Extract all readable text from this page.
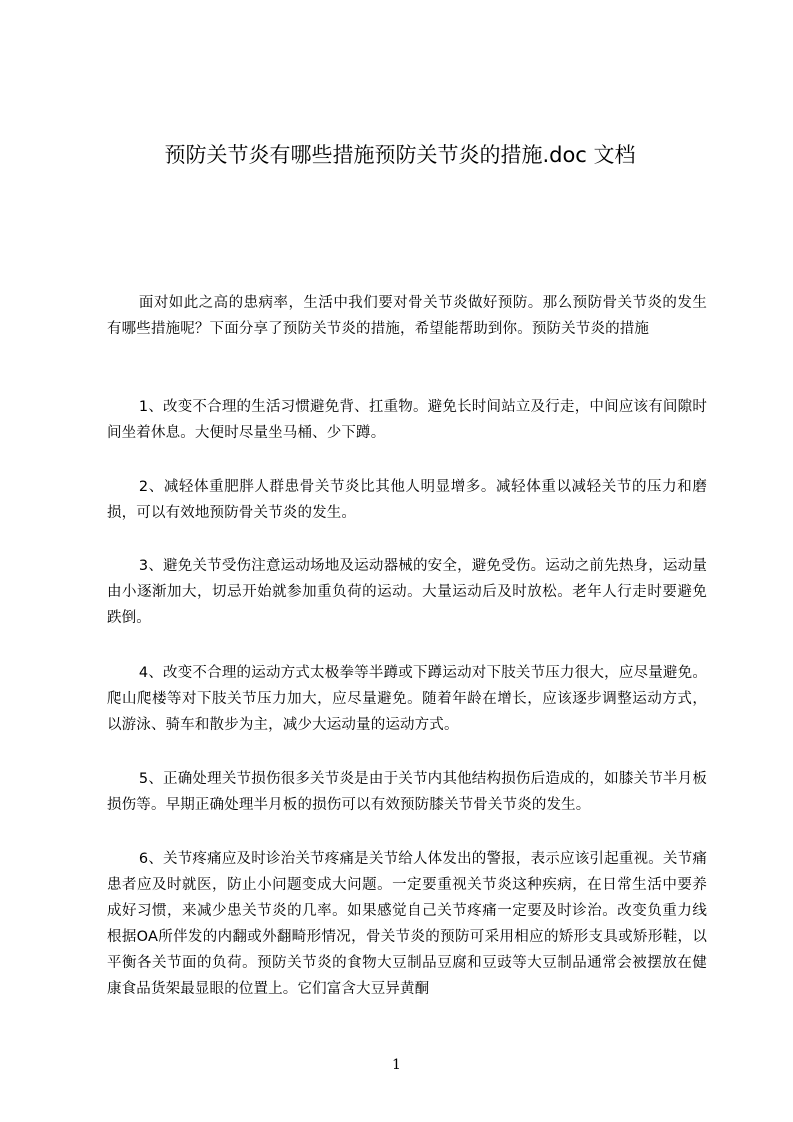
预防关节炎有哪些措施预防关节炎的措施.doc 文档

面对如此之高的患病率，生活中我们要对骨关节炎做好预防。那么预防骨关节炎的发生有哪些措施呢？下面分享了预防关节炎的措施，希望能帮助到你。预防关节炎的措施

1、改变不合理的生活习惯避免背、扛重物。避免长时间站立及行走，中间应该有间隙时间坐着休息。大便时尽量坐马桶、少下蹲。

2、减轻体重肥胖人群患骨关节炎比其他人明显增多。减轻体重以减轻关节的压力和磨损，可以有效地预防骨关节炎的发生。

3、避免关节受伤注意运动场地及运动器械的安全，避免受伤。运动之前先热身，运动量由小逐渐加大，切忌开始就参加重负荷的运动。大量运动后及时放松。老年人行走时要避免跌倒。

4、改变不合理的运动方式太极拳等半蹲或下蹲运动对下肢关节压力很大，应尽量避免。爬山爬楼等对下肢关节压力加大，应尽量避免。随着年龄在增长，应该逐步调整运动方式，以游泳、骑车和散步为主，减少大运动量的运动方式。

5、正确处理关节损伤很多关节炎是由于关节内其他结构损伤后造成的，如膝关节半月板损伤等。早期正确处理半月板的损伤可以有效预防膝关节骨关节炎的发生。

6、关节疼痛应及时诊治关节疼痛是关节给人体发出的警报，表示应该引起重视。关节痛患者应及时就医，防止小问题变成大问题。一定要重视关节炎这种疾病，在日常生活中要养成好习惯，来减少患关节炎的几率。如果感觉自己关节疼痛一定要及时诊治。改变负重力线根据OA所伴发的内翻或外翻畸形情况，骨关节炎的预防可采用相应的矫形支具或矫形鞋，以平衡各关节面的负荷。预防关节炎的食物大豆制品豆腐和豆豉等大豆制品通常会被摆放在健康食品货架最显眼的位置上。它们富含大豆异黄酮

1
